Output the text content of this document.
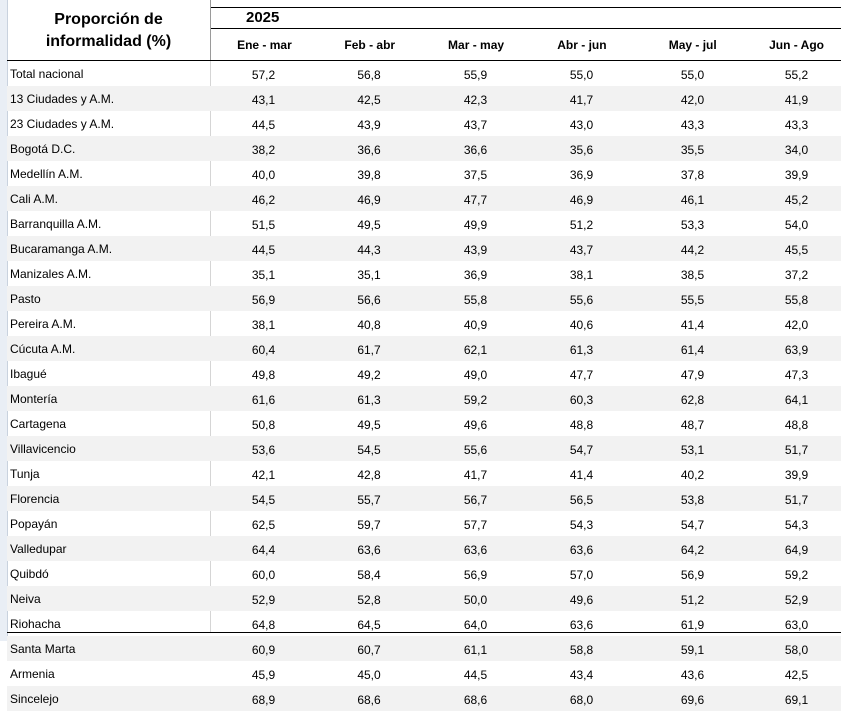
Proporción de
informalidad (%)
2025
Ene - mar	Feb - abr	Mar - may	Abr - jun	May - jul	Jun - Ago
Total nacional	57,2	56,8	55,9	55,0	55,0	55,2
13 Ciudades y A.M.	43,1	42,5	42,3	41,7	42,0	41,9
23 Ciudades y A.M.	44,5	43,9	43,7	43,0	43,3	43,3
Bogotá D.C.	38,2	36,6	36,6	35,6	35,5	34,0
Medellín A.M.	40,0	39,8	37,5	36,9	37,8	39,9
Cali A.M.	46,2	46,9	47,7	46,9	46,1	45,2
Barranquilla A.M.	51,5	49,5	49,9	51,2	53,3	54,0
Bucaramanga A.M.	44,5	44,3	43,9	43,7	44,2	45,5
Manizales A.M.	35,1	35,1	36,9	38,1	38,5	37,2
Pasto	56,9	56,6	55,8	55,6	55,5	55,8
Pereira A.M.	38,1	40,8	40,9	40,6	41,4	42,0
Cúcuta A.M.	60,4	61,7	62,1	61,3	61,4	63,9
Ibagué	49,8	49,2	49,0	47,7	47,9	47,3
Montería	61,6	61,3	59,2	60,3	62,8	64,1
Cartagena	50,8	49,5	49,6	48,8	48,7	48,8
Villavicencio	53,6	54,5	55,6	54,7	53,1	51,7
Tunja	42,1	42,8	41,7	41,4	40,2	39,9
Florencia	54,5	55,7	56,7	56,5	53,8	51,7
Popayán	62,5	59,7	57,7	54,3	54,7	54,3
Valledupar	64,4	63,6	63,6	63,6	64,2	64,9
Quibdó	60,0	58,4	56,9	57,0	56,9	59,2
Neiva	52,9	52,8	50,0	49,6	51,2	52,9
Riohacha	64,8	64,5	64,0	63,6	61,9	63,0
Santa Marta	60,9	60,7	61,1	58,8	59,1	58,0
Armenia	45,9	45,0	44,5	43,4	43,6	42,5
Sincelejo	68,9	68,6	68,6	68,0	69,6	69,1
